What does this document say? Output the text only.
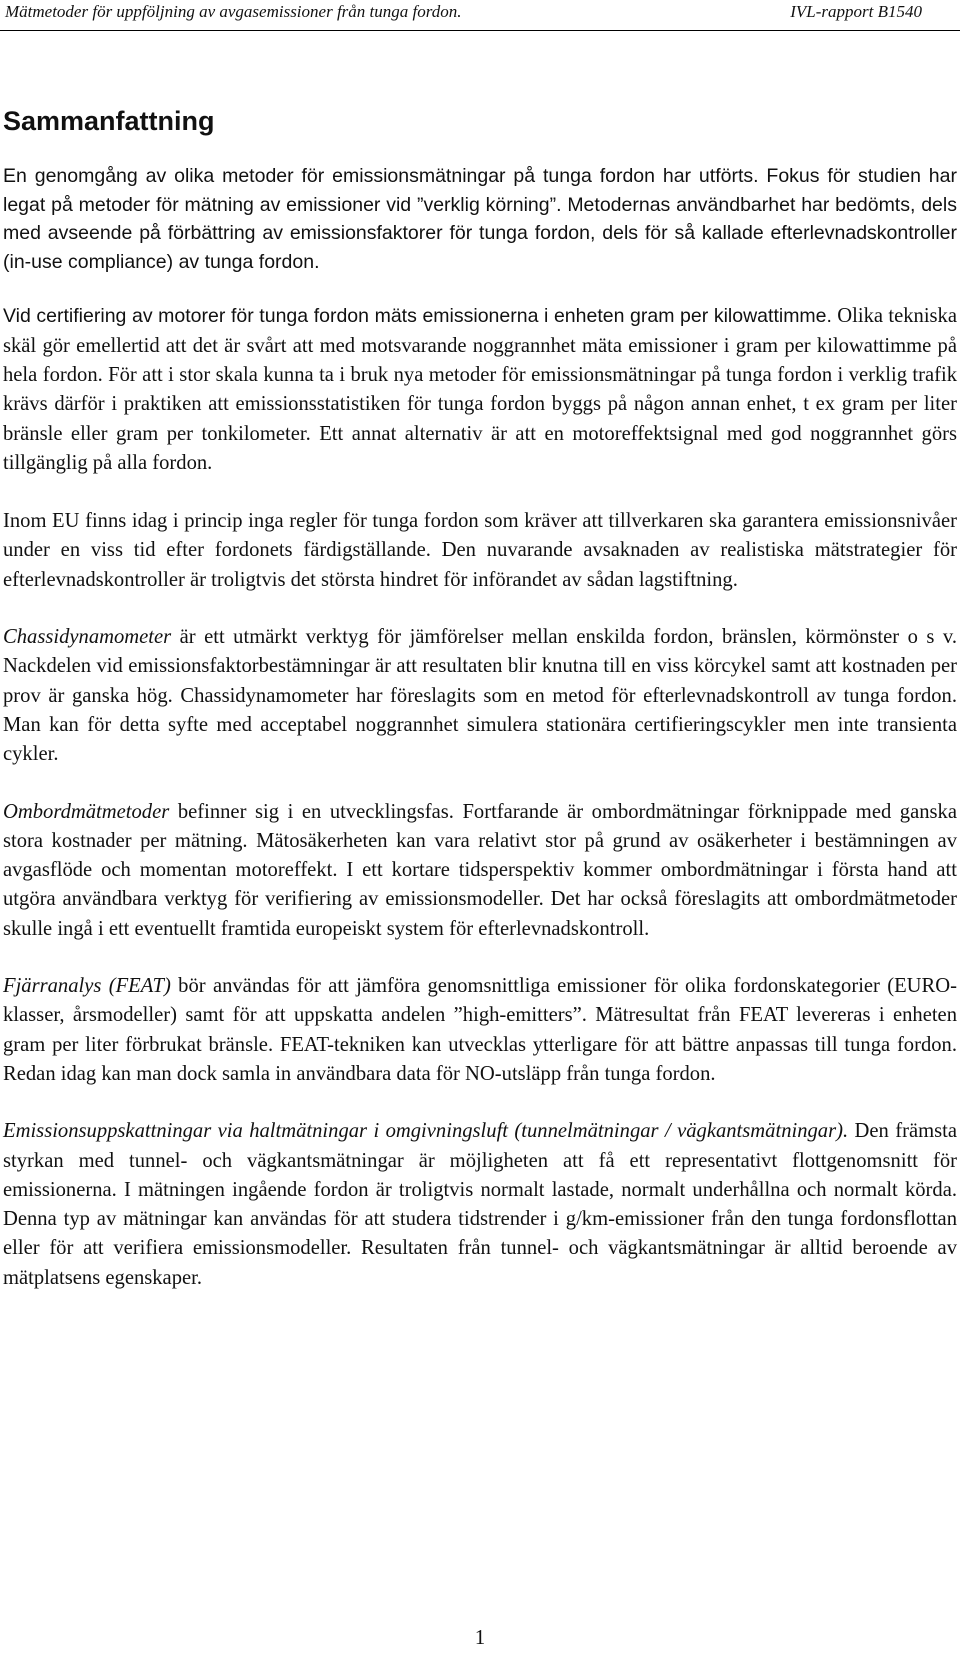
Mätmetoder för uppföljning av avgasemissioner från tunga fordon.	IVL-rapport B1540
Sammanfattning

En genomgång av olika metoder för emissionsmätningar på tunga fordon har utförts. Fokus för studien har legat på metoder för mätning av emissioner vid ”verklig körning”. Metodernas användbarhet har bedömts, dels med avseende på förbättring av emissionsfaktorer för tunga fordon, dels för så kallade efterlevnadskontroller (in-use compliance) av tunga fordon.

Vid certifiering av motorer för tunga fordon mäts emissionerna i enheten gram per kilowattimme. Olika tekniska skäl gör emellertid att det är svårt att med motsvarande noggrannhet mäta emissioner i gram per kilowattimme på hela fordon. För att i stor skala kunna ta i bruk nya metoder för emissionsmätningar på tunga fordon i verklig trafik krävs därför i praktiken att emissionsstatistiken för tunga fordon byggs på någon annan enhet, t ex gram per liter bränsle eller gram per tonkilometer. Ett annat alternativ är att en motoreffektsignal med god noggrannhet görs tillgänglig på alla fordon.

Inom EU finns idag i princip inga regler för tunga fordon som kräver att tillverkaren ska garantera emissionsnivåer under en viss tid efter fordonets färdigställande. Den nuvarande avsaknaden av realistiska mätstrategier för efterlevnadskontroller är troligtvis det största hindret för införandet av sådan lagstiftning.

Chassidynamometer är ett utmärkt verktyg för jämförelser mellan enskilda fordon, bränslen, körmönster o s v. Nackdelen vid emissionsfaktorbestämningar är att resultaten blir knutna till en viss körcykel samt att kostnaden per prov är ganska hög. Chassidynamometer har föreslagits som en metod för efterlevnadskontroll av tunga fordon. Man kan för detta syfte med acceptabel noggrannhet simulera stationära certifieringscykler men inte transienta cykler.

Ombordmätmetoder befinner sig i en utvecklingsfas. Fortfarande är ombordmätningar förknippade med ganska stora kostnader per mätning. Mätosäkerheten kan vara relativt stor på grund av osäkerheter i bestämningen av avgasflöde och momentan motoreffekt. I ett kortare tidsperspektiv kommer ombordmätningar i första hand att utgöra användbara verktyg för verifiering av emissionsmodeller. Det har också föreslagits att ombordmätmetoder skulle ingå i ett eventuellt framtida europeiskt system för efterlevnadskontroll.

Fjärranalys (FEAT) bör användas för att jämföra genomsnittliga emissioner för olika fordonskategorier (EURO-klasser, årsmodeller) samt för att uppskatta andelen ”high-emitters”. Mätresultat från FEAT levereras i enheten gram per liter förbrukat bränsle. FEAT-tekniken kan utvecklas ytterligare för att bättre anpassas till tunga fordon. Redan idag kan man dock samla in användbara data för NO-utsläpp från tunga fordon.

Emissionsuppskattningar via haltmätningar i omgivningsluft (tunnelmätningar / vägkantsmätningar). Den främsta styrkan med tunnel- och vägkantsmätningar är möjligheten att få ett representativt flottgenomsnitt för emissionerna. I mätningen ingående fordon är troligtvis normalt lastade, normalt underhållna och normalt körda. Denna typ av mätningar kan användas för att studera tidstrender i g/km-emissioner från den tunga fordonsflottan eller för att verifiera emissionsmodeller. Resultaten från tunnel- och vägkantsmätningar är alltid beroende av mätplatsens egenskaper.

1
